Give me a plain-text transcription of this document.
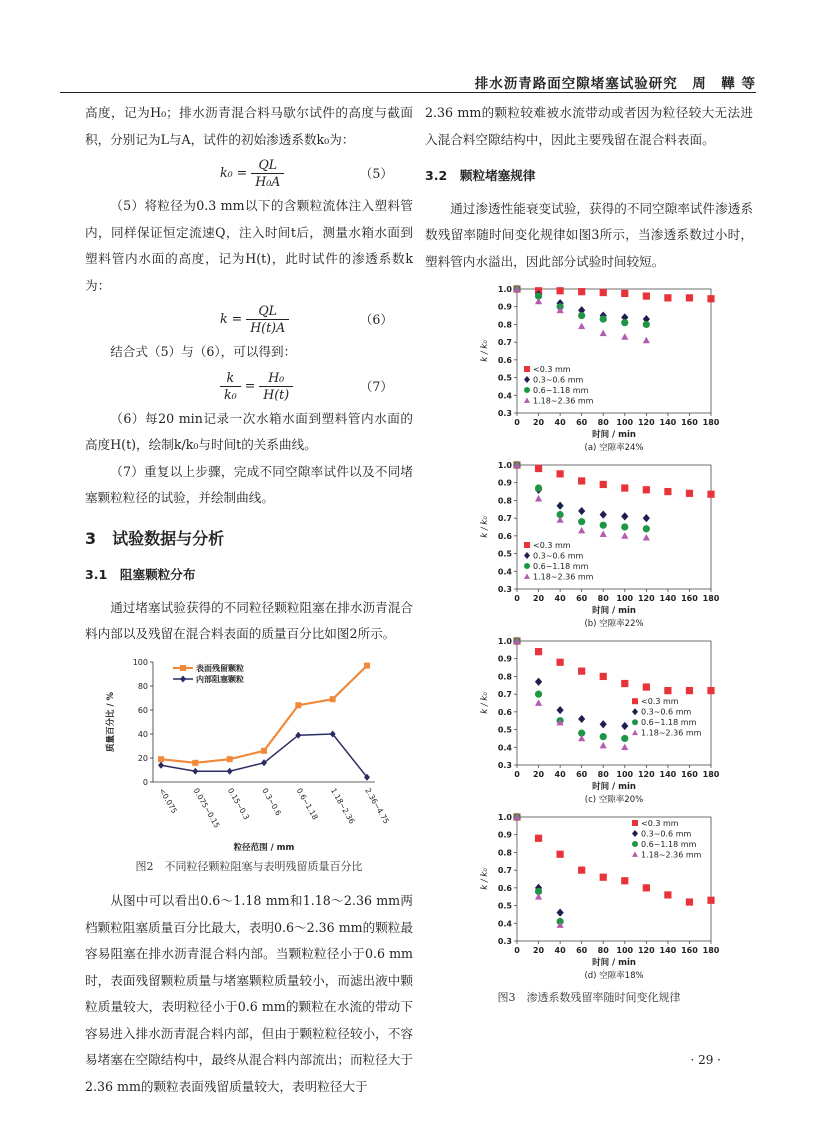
排水沥青路面空隙堵塞试验研究　周　鞾 等

高度，记为H₀；排水沥青混合料马歇尔试件的高度与截面积，分别记为L与A，试件的初始渗透系数k₀为：

$k_0 = \frac{QL}{\text{H₀A}}$	（5）

（5）将粒径为0.3 mm以下的含颗粒流体注入塑料管内，同样保证恒定流速Q，注入时间t后，测量水箱水面到塑料管内水面的高度，记为H(t)，此时试件的渗透系数k为：

$k = \frac{QL}{H(t)A}$	（6）

结合式（5）与（6），可以得到：

$\frac{k}{\text{k₀}} = \frac{\text{H₀}}{H(t)}$	（7）

（6）每20 min记录一次水箱水面到塑料管内水面的高度H(t)，绘制k/k₀与时间t的关系曲线。

（7）重复以上步骤，完成不同空隙率试件以及不同堵塞颗粒粒径的试验，并绘制曲线。

3　试验数据与分析
3.1　阻塞颗粒分布

通过堵塞试验获得的不同粒径颗粒阻塞在排水沥青混合料内部以及残留在混合料表面的质量百分比如图2所示。

0
20
40
60
80
100
<0.075 0.075~0.15 0.15~0.3 0.3~0.6 0.6~1.18 1.18~2.36 2.36~4.75
质量百分比 / %
粒径范围 / mm
表面残留颗粒
内部阻塞颗粒
图2　不同粒径颗粒阻塞与表明残留质量百分比

从图中可以看出0.6～1.18 mm和1.18～2.36 mm两档颗粒阻塞质量百分比最大，表明0.6～2.36 mm的颗粒最容易阻塞在排水沥青混合料内部。当颗粒粒径小于0.6 mm时，表面残留颗粒质量与堵塞颗粒质量较小，而滤出液中颗粒质量较大，表明粒径小于0.6 mm的颗粒在水流的带动下容易进入排水沥青混合料内部，但由于颗粒粒径较小，不容易堵塞在空隙结构中，最终从混合料内部流出；而粒径大于2.36 mm的颗粒表面残留质量较大，表明粒径大于

2.36 mm的颗粒较难被水流带动或者因为粒径较大无法进入混合料空隙结构中，因此主要残留在混合料表面。

3.2　颗粒堵塞规律

通过渗透性能衰变试验，获得的不同空隙率试件渗透系数残留率随时间变化规律如图3所示，当渗透系数过小时，塑料管内水溢出，因此部分试验时间较短。

0.3
0.4
0.5
0.6
0.7
0.8
0.9
1.0
0 20 40 60 80 100 120 140 160 180
k / k₀
时间 / min
(a) 空隙率24%
<0.3 mm
0.3~0.6 mm
0.6~1.18 mm
1.18~2.36 mm
0.3
0.4
0.5
0.6
0.7
0.8
0.9
1.0
0 20 40 60 80 100 120 140 160 180
k / k₀
时间 / min
(b) 空隙率22%
<0.3 mm
0.3~0.6 mm
0.6~1.18 mm
1.18~2.36 mm
0.3
0.4
0.5
0.6
0.7
0.8
0.9
1.0
0 20 40 60 80 100 120 140 160 180
k / k₀
时间 / min
(c) 空隙率20%
<0.3 mm
0.3~0.6 mm
0.6~1.18 mm
1.18~2.36 mm
0.3
0.4
0.5
0.6
0.7
0.8
0.9
1.0
0 20 40 60 80 100 120 140 160 180
k / k₀
时间 / min
(d) 空隙率18%
<0.3 mm
0.3~0.6 mm
0.6~1.18 mm
1.18~2.36 mm
图3　渗透系数残留率随时间变化规律
· 29 ·
